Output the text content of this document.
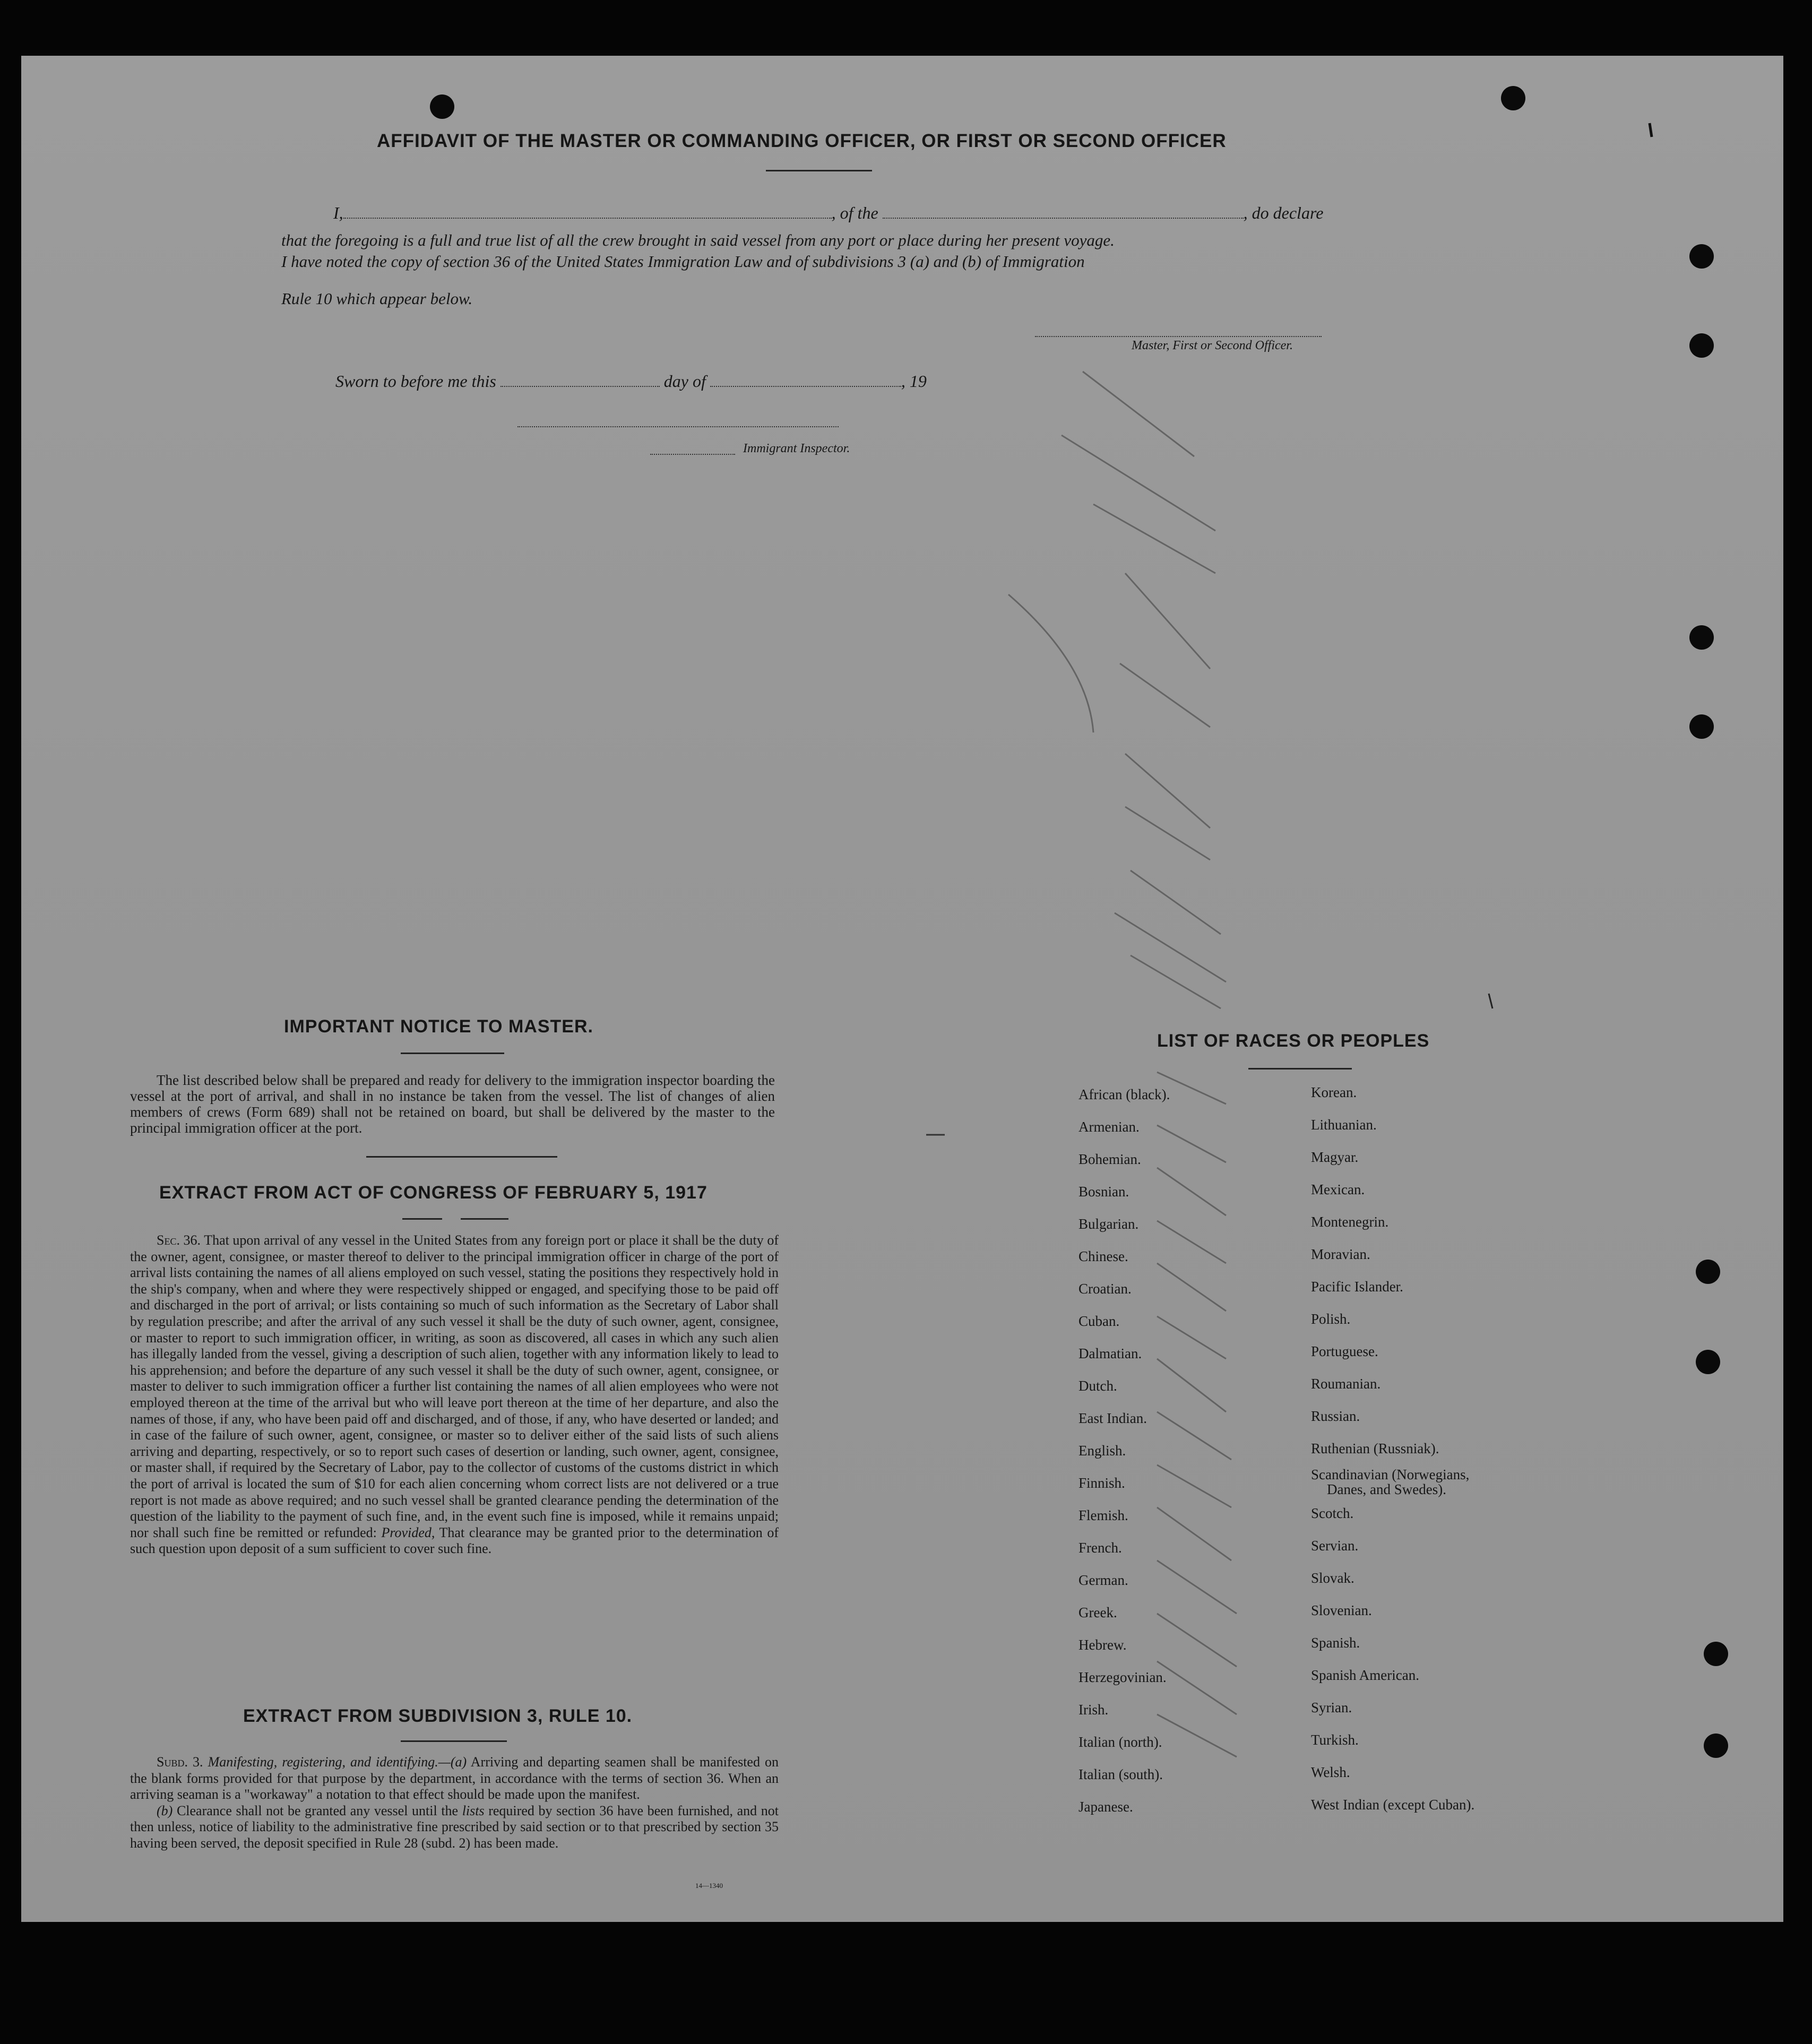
AFFIDAVIT OF THE MASTER OR COMMANDING OFFICER, OR FIRST OR SECOND OFFICER
I,	, of the	, do declare
that the foregoing is a full and true list of all the crew brought in said vessel from any port or place during her present voyage.
I have noted the copy of section 36 of the United States Immigration Law and of subdivisions 3 (a) and (b) of Immigration
Rule 10 which appear below.
Master, First or Second Officer.
Sworn to before me this	day of	, 19
Immigrant Inspector.
IMPORTANT NOTICE TO MASTER.

The list described below shall be prepared and ready for delivery to the immigration inspector boarding the vessel at the port of arrival, and shall in no instance be taken from the vessel. The list of changes of alien members of crews (Form 689) shall not be retained on board, but shall be delivered by the master to the principal immigration officer at the port.

EXTRACT FROM ACT OF CONGRESS OF FEBRUARY 5, 1917

Sec. 36. That upon arrival of any vessel in the United States from any foreign port or place it shall be the duty of the owner, agent, consignee, or master thereof to deliver to the principal immigration officer in charge of the port of arrival lists containing the names of all aliens employed on such vessel, stating the positions they respectively hold in the ship's company, when and where they were respectively shipped or engaged, and specifying those to be paid off and discharged in the port of arrival; or lists containing so much of such information as the Secretary of Labor shall by regulation prescribe; and after the arrival of any such vessel it shall be the duty of such owner, agent, consignee, or master to report to such immigration officer, in writing, as soon as discovered, all cases in which any such alien has illegally landed from the vessel, giving a description of such alien, together with any information likely to lead to his apprehension; and before the departure of any such vessel it shall be the duty of such owner, agent, consignee, or master to deliver to such immigration officer a further list containing the names of all alien employees who were not employed thereon at the time of the arrival but who will leave port thereon at the time of her departure, and also the names of those, if any, who have been paid off and discharged, and of those, if any, who have deserted or landed; and in case of the failure of such owner, agent, consignee, or master so to deliver either of the said lists of such aliens arriving and departing, respectively, or so to report such cases of desertion or landing, such owner, agent, consignee, or master shall, if required by the Secretary of Labor, pay to the collector of customs of the customs district in which the port of arrival is located the sum of $10 for each alien concerning whom correct lists are not delivered or a true report is not made as above required; and no such vessel shall be granted clearance pending the determination of the question of the liability to the payment of such fine, and, in the event such fine is imposed, while it remains unpaid; nor shall such fine be remitted or refunded: Provided, That clearance may be granted prior to the determination of such question upon deposit of a sum sufficient to cover such fine.

EXTRACT FROM SUBDIVISION 3, RULE 10.

Subd. 3. Manifesting, registering, and identifying.—(a) Arriving and departing seamen shall be manifested on the blank forms provided for that purpose by the department, in accordance with the terms of section 36. When an arriving seaman is a "workaway" a notation to that effect should be made upon the manifest.

(b) Clearance shall not be granted any vessel until the lists required by section 36 have been furnished, and not then unless, notice of liability to the administrative fine prescribed by said section or to that prescribed by section 35 having been served, the deposit specified in Rule 28 (subd. 2) has been made.

14—1340
LIST OF RACES OR PEOPLES
African (black).
Armenian.
Bohemian.
Bosnian.
Bulgarian.
Chinese.
Croatian.
Cuban.
Dalmatian.
Dutch.
East Indian.
English.
Finnish.
Flemish.
French.
German.
Greek.
Hebrew.
Herzegovinian.
Irish.
Italian (north).
Italian (south).
Japanese.
Korean.
Lithuanian.
Magyar.
Mexican.
Montenegrin.
Moravian.
Pacific Islander.
Polish.
Portuguese.
Roumanian.
Russian.
Ruthenian (Russniak).
Scandinavian (Norwegians,
Danes, and Swedes).
Scotch.
Servian.
Slovak.
Slovenian.
Spanish.
Spanish American.
Syrian.
Turkish.
Welsh.
West Indian (except Cuban).
